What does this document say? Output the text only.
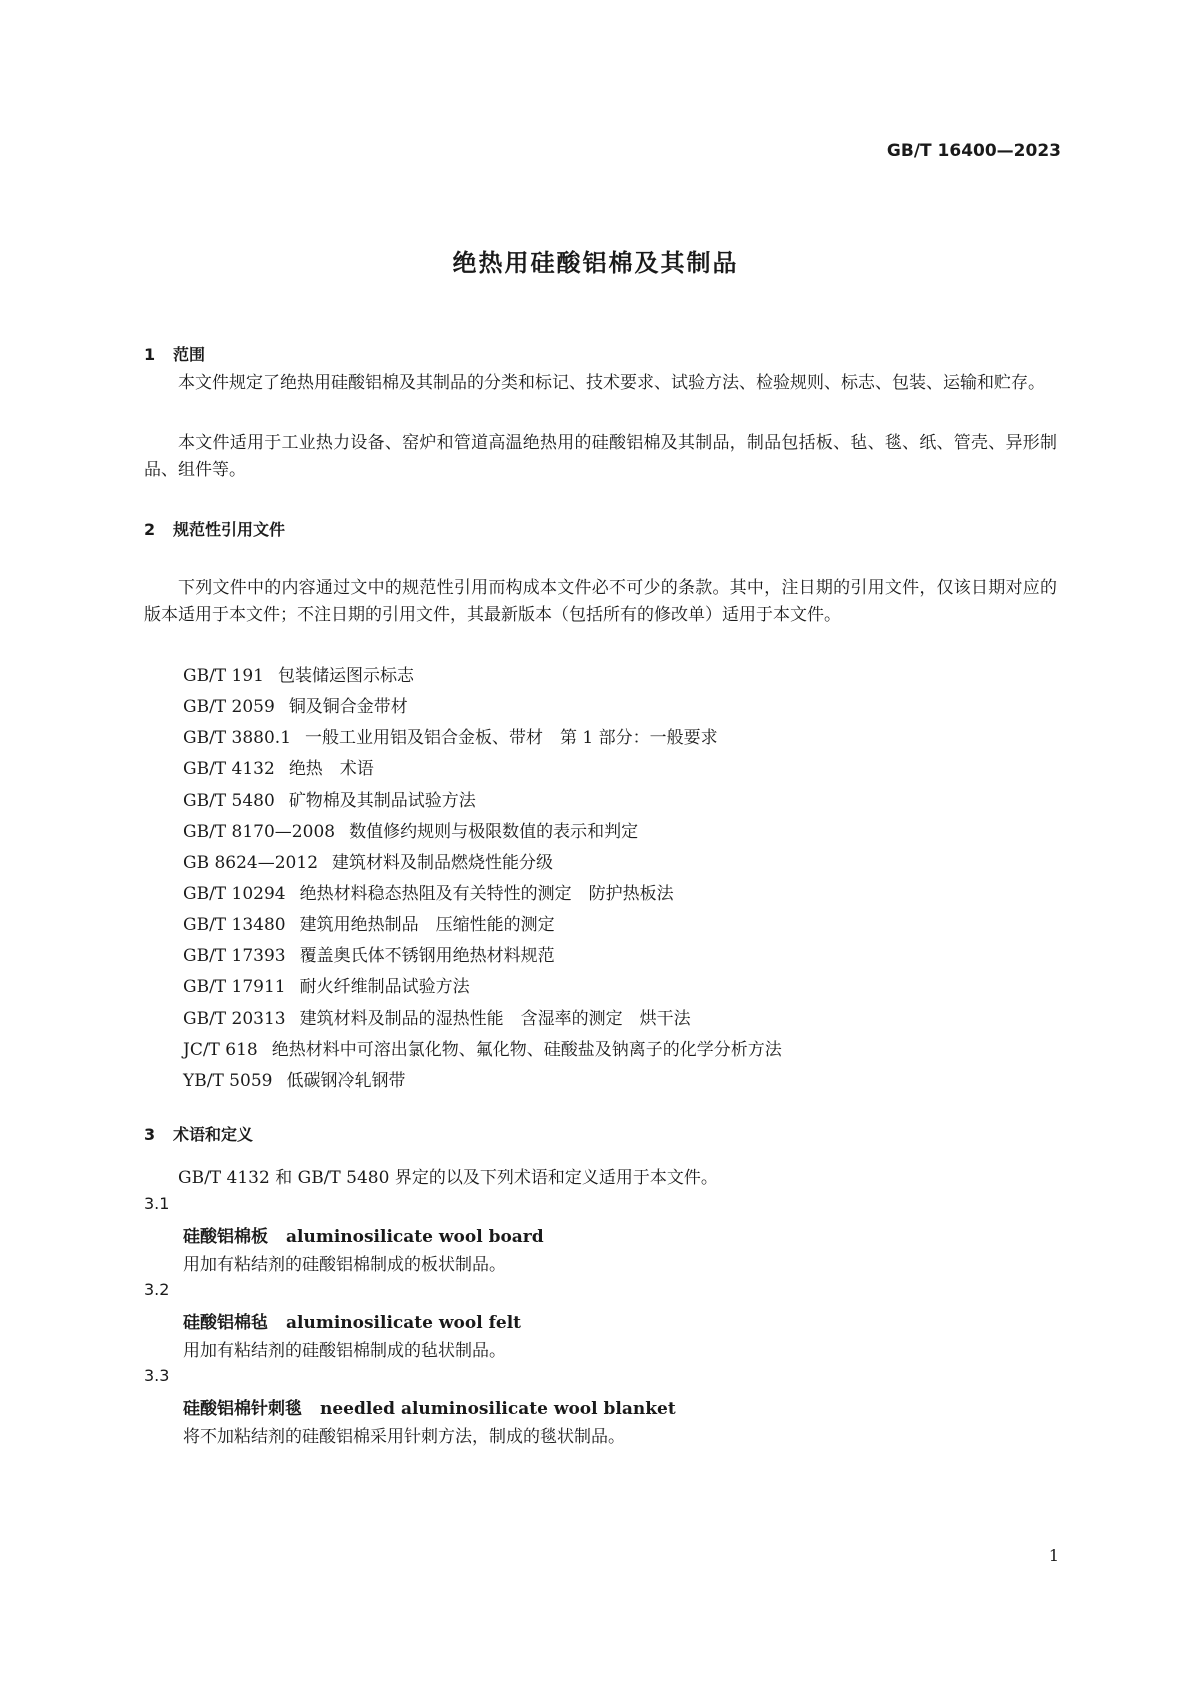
GB/T 16400—2023
绝热用硅酸铝棉及其制品
1 范围

本文件规定了绝热用硅酸铝棉及其制品的分类和标记、技术要求、试验方法、检验规则、标志、包装、运输和贮存。

本文件适用于工业热力设备、窑炉和管道高温绝热用的硅酸铝棉及其制品，制品包括板、毡、毯、纸、管壳、异形制品、组件等。

2 规范性引用文件

下列文件中的内容通过文中的规范性引用而构成本文件必不可少的条款。其中，注日期的引用文件，仅该日期对应的版本适用于本文件；不注日期的引用文件，其最新版本（包括所有的修改单）适用于本文件。

GB/T 191 包装储运图示标志
GB/T 2059 铜及铜合金带材
GB/T 3880.1 一般工业用铝及铝合金板、带材　第 1 部分：一般要求
GB/T 4132 绝热　术语
GB/T 5480 矿物棉及其制品试验方法
GB/T 8170—2008 数值修约规则与极限数值的表示和判定
GB 8624—2012 建筑材料及制品燃烧性能分级
GB/T 10294 绝热材料稳态热阻及有关特性的测定　防护热板法
GB/T 13480 建筑用绝热制品　压缩性能的测定
GB/T 17393 覆盖奥氏体不锈钢用绝热材料规范
GB/T 17911 耐火纤维制品试验方法
GB/T 20313 建筑材料及制品的湿热性能　含湿率的测定　烘干法
JC/T 618 绝热材料中可溶出氯化物、氟化物、硅酸盐及钠离子的化学分析方法
YB/T 5059 低碳钢冷轧钢带
3 术语和定义

GB/T 4132 和 GB/T 5480 界定的以及下列术语和定义适用于本文件。

3.1
硅酸铝棉板 aluminosilicate wool board
用加有粘结剂的硅酸铝棉制成的板状制品。
3.2
硅酸铝棉毡 aluminosilicate wool felt
用加有粘结剂的硅酸铝棉制成的毡状制品。
3.3
硅酸铝棉针刺毯 needled aluminosilicate wool blanket
将不加粘结剂的硅酸铝棉采用针刺方法，制成的毯状制品。
1
